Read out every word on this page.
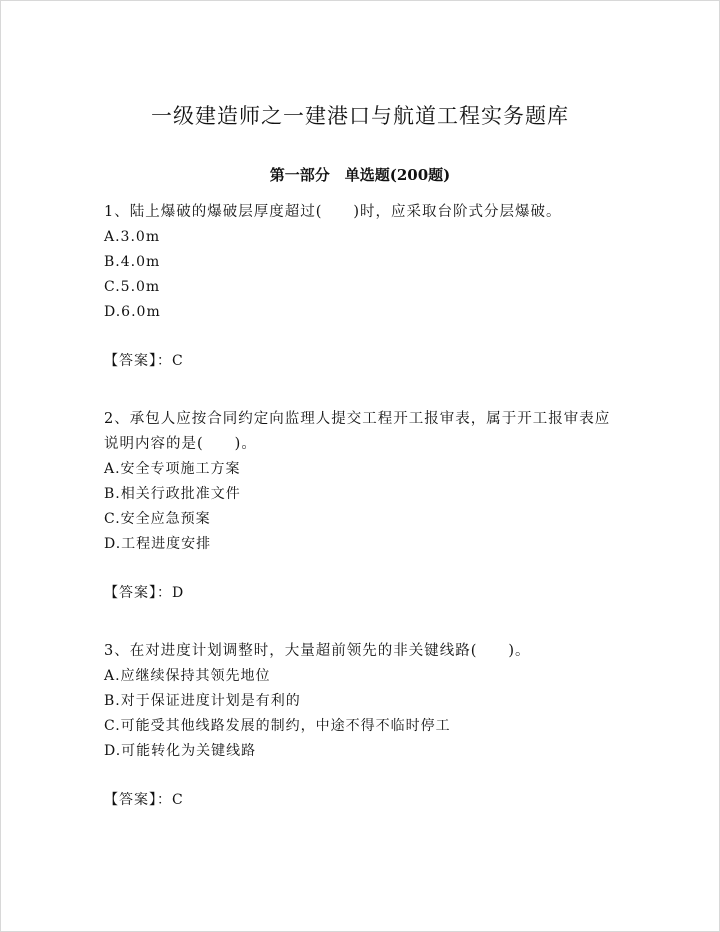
一级建造师之一建港口与航道工程实务题库
第一部分　单选题(200题)

1、陆上爆破的爆破层厚度超过(　　)时，应采取台阶式分层爆破。

A.3.0m

B.4.0m

C.5.0m

D.6.0m

【答案】：C

2、承包人应按合同约定向监理人提交工程开工报审表，属于开工报审表应说明内容的是(　　)。

A.安全专项施工方案

B.相关行政批准文件

C.安全应急预案

D.工程进度安排

【答案】：D

3、在对进度计划调整时，大量超前领先的非关键线路(　　)。

A.应继续保持其领先地位

B.对于保证进度计划是有利的

C.可能受其他线路发展的制约，中途不得不临时停工

D.可能转化为关键线路

【答案】：C
